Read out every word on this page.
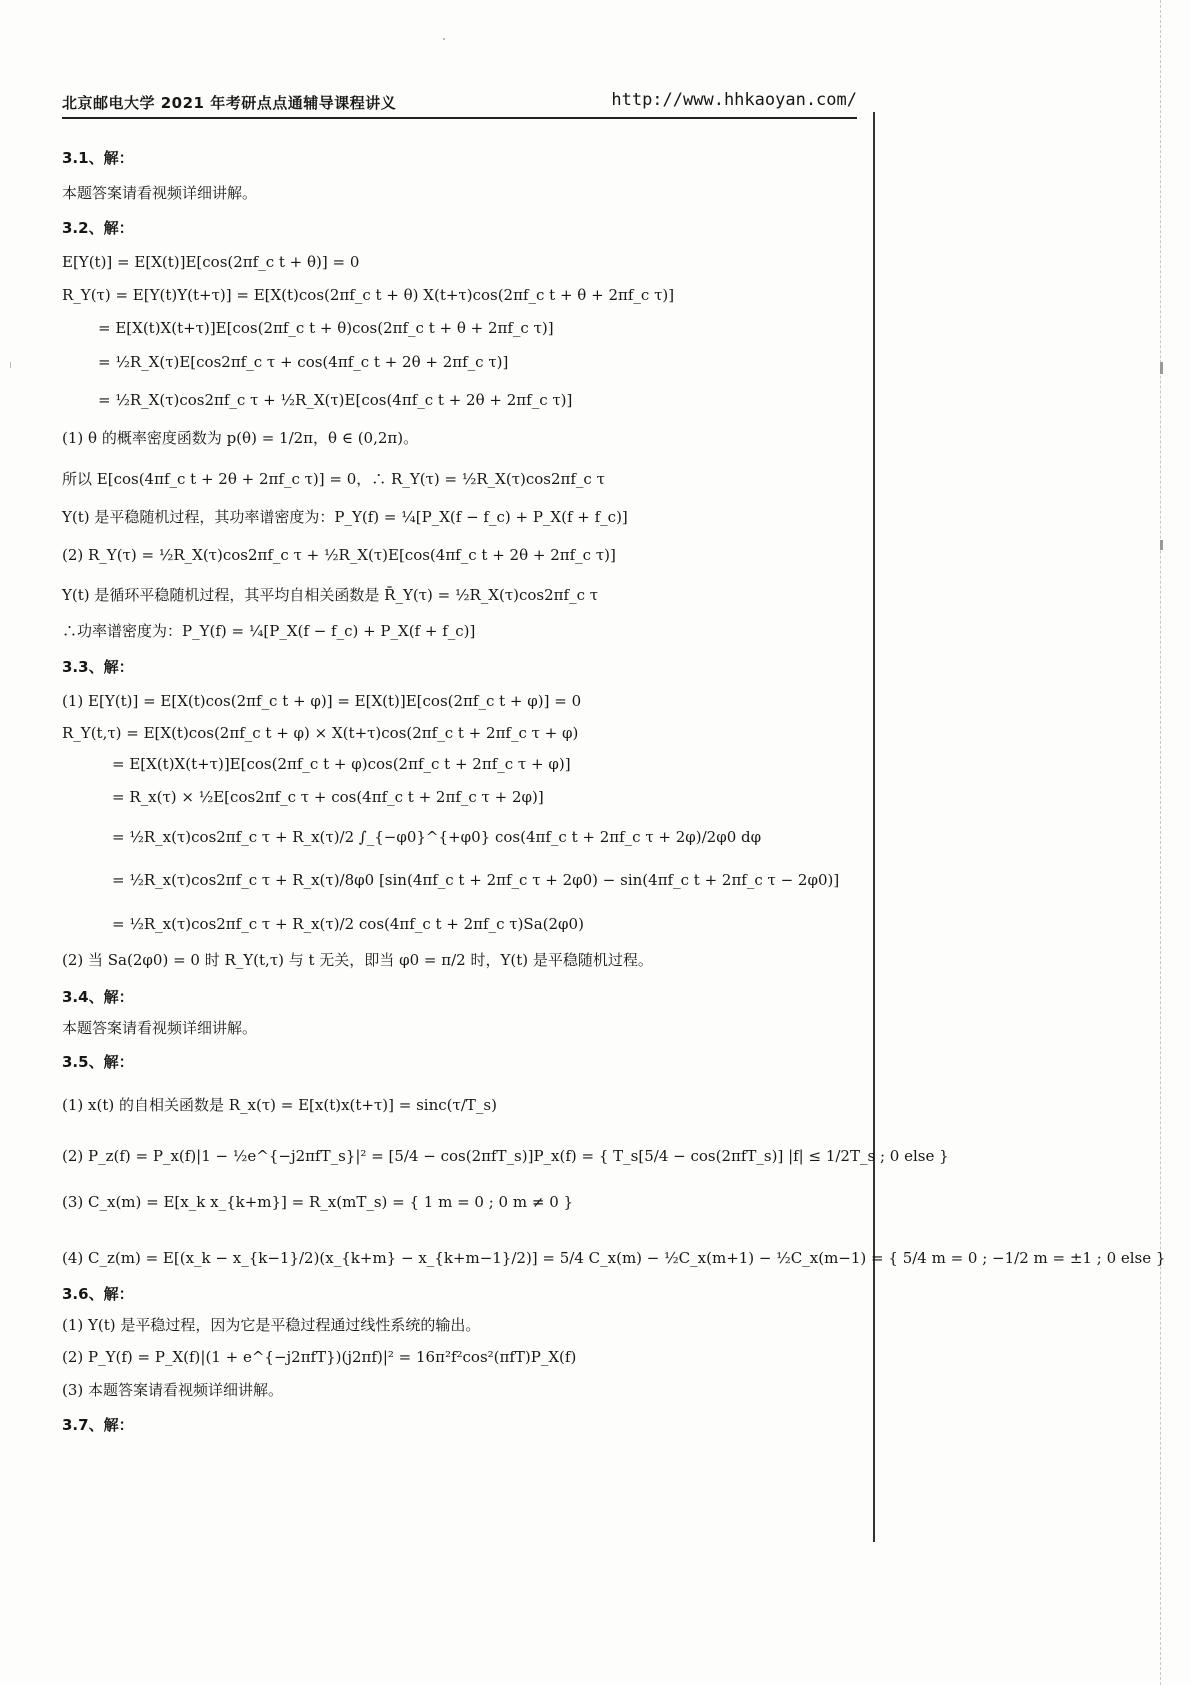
北京邮电大学 2021 年考研点点通辅导课程讲义	http://www.hhkaoyan.com/
3.1、解：
本题答案请看视频详细讲解。
3.2、解：
E[Y(t)] = E[X(t)]E[cos(2πf_c t + θ)] = 0
R_Y(τ) = E[Y(t)Y(t+τ)] = E[X(t)cos(2πf_c t + θ) X(t+τ)cos(2πf_c t + θ + 2πf_c τ)]
= E[X(t)X(t+τ)]E[cos(2πf_c t + θ)cos(2πf_c t + θ + 2πf_c τ)]
= ½R_X(τ)E[cos2πf_c τ + cos(4πf_c t + 2θ + 2πf_c τ)]
= ½R_X(τ)cos2πf_c τ + ½R_X(τ)E[cos(4πf_c t + 2θ + 2πf_c τ)]
(1) θ 的概率密度函数为 p(θ) = 1/2π，θ ∈ (0,2π)。
所以 E[cos(4πf_c t + 2θ + 2πf_c τ)] = 0，∴ R_Y(τ) = ½R_X(τ)cos2πf_c τ
Y(t) 是平稳随机过程，其功率谱密度为：P_Y(f) = ¼[P_X(f − f_c) + P_X(f + f_c)]
(2) R_Y(τ) = ½R_X(τ)cos2πf_c τ + ½R_X(τ)E[cos(4πf_c t + 2θ + 2πf_c τ)]
Y(t) 是循环平稳随机过程，其平均自相关函数是 R̄_Y(τ) = ½R_X(τ)cos2πf_c τ
∴功率谱密度为：P_Y(f) = ¼[P_X(f − f_c) + P_X(f + f_c)]
3.3、解：
(1) E[Y(t)] = E[X(t)cos(2πf_c t + φ)] = E[X(t)]E[cos(2πf_c t + φ)] = 0
R_Y(t,τ) = E[X(t)cos(2πf_c t + φ) × X(t+τ)cos(2πf_c t + 2πf_c τ + φ)
= E[X(t)X(t+τ)]E[cos(2πf_c t + φ)cos(2πf_c t + 2πf_c τ + φ)]
= R_x(τ) × ½E[cos2πf_c τ + cos(4πf_c t + 2πf_c τ + 2φ)]
= ½R_x(τ)cos2πf_c τ + R_x(τ)/2 ∫_{−φ0}^{+φ0} cos(4πf_c t + 2πf_c τ + 2φ)/2φ0 dφ
= ½R_x(τ)cos2πf_c τ + R_x(τ)/8φ0 [sin(4πf_c t + 2πf_c τ + 2φ0) − sin(4πf_c t + 2πf_c τ − 2φ0)]
= ½R_x(τ)cos2πf_c τ + R_x(τ)/2 cos(4πf_c t + 2πf_c τ)Sa(2φ0)
(2) 当 Sa(2φ0) = 0 时 R_Y(t,τ) 与 t 无关，即当 φ0 = π/2 时，Y(t) 是平稳随机过程。
3.4、解：
本题答案请看视频详细讲解。
3.5、解：
(1) x(t) 的自相关函数是 R_x(τ) = E[x(t)x(t+τ)] = sinc(τ/T_s)
(2) P_z(f) = P_x(f)|1 − ½e^{−j2πfT_s}|² = [5/4 − cos(2πfT_s)]P_x(f) = { T_s[5/4 − cos(2πfT_s)] |f| ≤ 1/2T_s ; 0 else }
(3) C_x(m) = E[x_k x_{k+m}] = R_x(mT_s) = { 1 m = 0 ; 0 m ≠ 0 }
(4) C_z(m) = E[(x_k − x_{k−1}/2)(x_{k+m} − x_{k+m−1}/2)] = 5/4 C_x(m) − ½C_x(m+1) − ½C_x(m−1) = { 5/4 m = 0 ; −1/2 m = ±1 ; 0 else }
3.6、解：
(1) Y(t) 是平稳过程，因为它是平稳过程通过线性系统的输出。
(2) P_Y(f) = P_X(f)|(1 + e^{−j2πfT})(j2πf)|² = 16π²f²cos²(πfT)P_X(f)
(3) 本题答案请看视频详细讲解。
3.7、解：
